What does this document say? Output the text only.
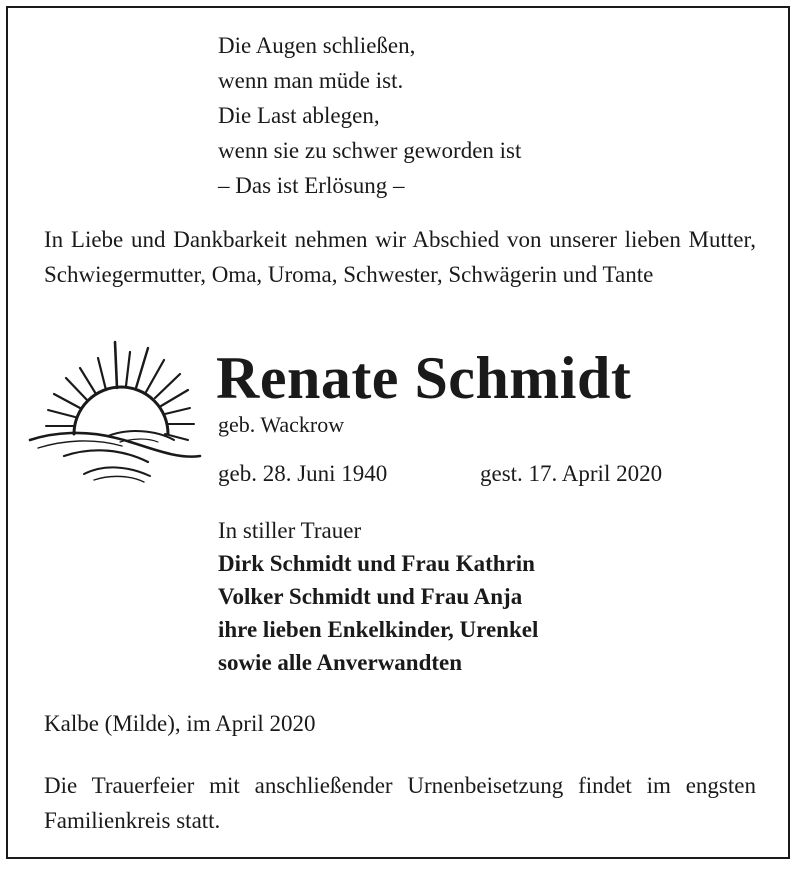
Die Augen schließen,
wenn man müde ist.
Die Last ablegen,
wenn sie zu schwer geworden ist
– Das ist Erlösung –
In Liebe und Dankbarkeit nehmen wir Abschied von unserer lieben Mutter, Schwiegermutter, Oma, Uroma, Schwester, Schwägerin und Tante
Renate Schmidt
geb. Wackrow
geb. 28. Juni 1940	gest. 17. April 2020
In stiller Trauer
Dirk Schmidt und Frau Kathrin
Volker Schmidt und Frau Anja
ihre lieben Enkelkinder, Urenkel
sowie alle Anverwandten
Kalbe (Milde), im April 2020
Die Trauerfeier mit anschließender Urnenbeisetzung findet im engsten Familienkreis statt.
